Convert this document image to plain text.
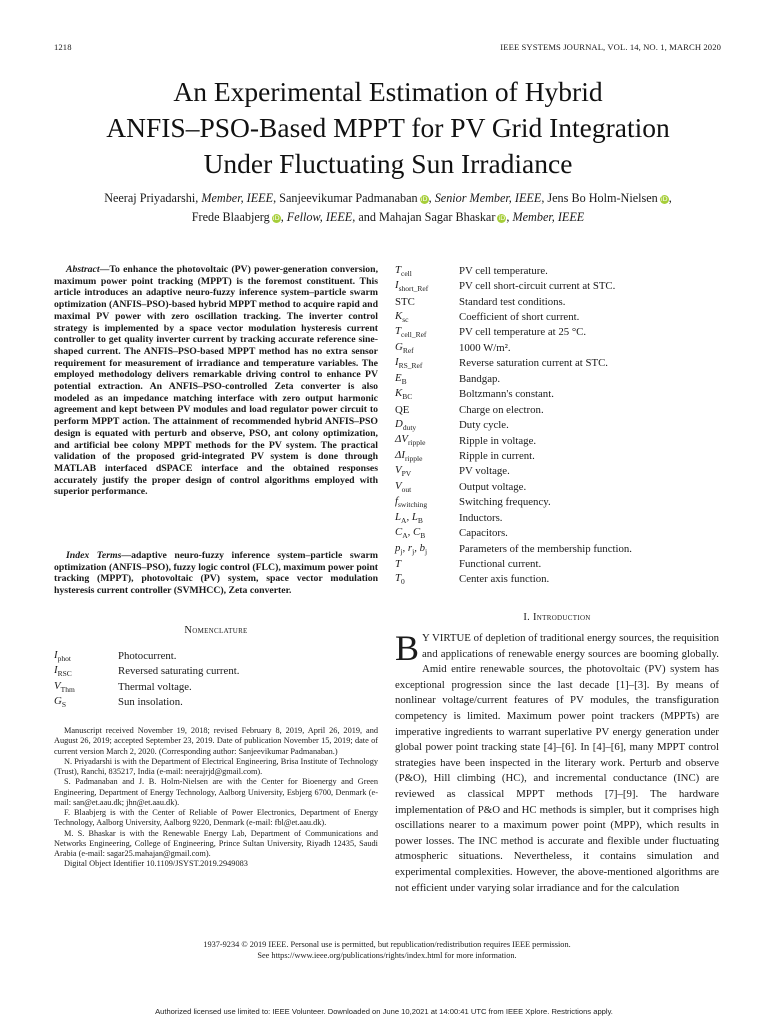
1218	IEEE SYSTEMS JOURNAL, VOL. 14, NO. 1, MARCH 2020
An Experimental Estimation of Hybrid
ANFIS–PSO-Based MPPT for PV Grid Integration
Under Fluctuating Sun Irradiance
Neeraj Priyadarshi, Member, IEEE, Sanjeevikumar Padmanaban iD, Senior Member, IEEE, Jens Bo Holm-Nielsen iD,
Frede Blaabjerg iD, Fellow, IEEE, and Mahajan Sagar Bhaskar iD, Member, IEEE
Abstract—To enhance the photovoltaic (PV) power-generation conversion, maximum power point tracking (MPPT) is the foremost constituent. This article introduces an adaptive neuro-fuzzy inference system–particle swarm optimization (ANFIS–PSO)-based hybrid MPPT method to acquire rapid and maximal PV power with zero oscillation tracking. The inverter control strategy is implemented by a space vector modulation hysteresis current controller to get quality inverter current by tracking accurate reference sine-shaped current. The ANFIS–PSO-based MPPT method has no extra sensor requirement for measurement of irradiance and temperature variables. The employed methodology delivers remarkable driving control to enhance PV potential extraction. An ANFIS–PSO-controlled Zeta converter is also modeled as an impedance matching interface with zero output harmonic agreement and kept between PV modules and load regulator power circuit to perform MPPT action. The attainment of recommended hybrid ANFIS–PSO design is equated with perturb and observe, PSO, ant colony optimization, and artificial bee colony MPPT methods for the PV system. The practical validation of the proposed grid-integrated PV system is done through MATLAB interfaced dSPACE interface and the obtained responses accurately justify the proper design of control algorithms employed with superior performance.
Index Terms—adaptive neuro-fuzzy inference system–particle swarm optimization (ANFIS–PSO), fuzzy logic control (FLC), maximum power point tracking (MPPT), photovoltaic (PV) system, space vector modulation hysteresis current controller (SVMHCC), Zeta converter.
Nomenclature
$I_{phot}$	Photocurrent.
$I_{RSC}$	Reversed saturating current.
$V_{Thm}$	Thermal voltage.
$G_S$	Sun insolation.

Manuscript received November 19, 2018; revised February 8, 2019, April 26, 2019, and August 26, 2019; accepted September 23, 2019. Date of publication November 15, 2019; date of current version March 2, 2020. (Corresponding author: Sanjeevikumar Padmanaban.)

N. Priyadarshi is with the Department of Electrical Engineering, Brisa Institute of Technology (Trust), Ranchi, 835217, India (e-mail: neerajrjd@gmail.com).

S. Padmanaban and J. B. Holm-Nielsen are with the Center for Bioenergy and Green Engineering, Department of Energy Technology, Aalborg University, Esbjerg 6700, Denmark (e-mail: san@et.aau.dk; jhn@et.aau.dk).

F. Blaabjerg is with the Center of Reliable of Power Electronics, Department of Energy Technology, Aalborg University, Aalborg 9220, Denmark (e-mail: fbl@et.aau.dk).

M. S. Bhaskar is with the Renewable Energy Lab, Department of Communications and Networks Engineering, College of Engineering, Prince Sultan University, Riyadh 12435, Saudi Arabia (e-mail: sagar25.mahajan@gmail.com).

Digital Object Identifier 10.1109/JSYST.2019.2949083

$T_{cell}$	PV cell temperature.
$I_{short\_Ref}$	PV cell short-circuit current at STC.
STC	Standard test conditions.
$K_{sc}$	Coefficient of short current.
$T_{cell\_Ref}$	PV cell temperature at 25 °C.
$G_{Ref}$	1000 W/m².
$I_{RS\_Ref}$	Reverse saturation current at STC.
$E_B$	Bandgap.
$K_{BC}$	Boltzmann's constant.
QE	Charge on electron.
$D_{duty}$	Duty cycle.
$\Delta V_{ripple}$	Ripple in voltage.
$\Delta I_{ripple}$	Ripple in current.
$V_{PV}$	PV voltage.
$V_{out}$	Output voltage.
$f_{switching}$	Switching frequency.
$L_A$, $L_B$	Inductors.
$C_A$, $C_B$	Capacitors.
$p_j$, $r_j$, $b_j$	Parameters of the membership function.
T	Functional current.
$T_0$	Center axis function.
I. Introduction
B Y VIRTUE of depletion of traditional energy sources, the requisition and applications of renewable energy sources are booming globally. Amid entire renewable sources, the photovoltaic (PV) system has exceptional progression since the last decade [1]–[3]. By means of nonlinear voltage/current features of PV modules, the transfiguration competency is limited. Maximum power point trackers (MPPTs) are imperative ingredients to warrant superlative PV energy generation under global power point tracking state [4]–[6]. In [4]–[6], many MPPT control strategies have been inspected in the literary work. Perturb and observe (P&O), Hill climbing (HC), and incremental conductance (INC) are reviewed as classical MPPT methods [7]–[9]. The hardware implementation of P&O and HC methods is simpler, but it comprises high oscillations nearer to a maximum power point (MPP), which results in power losses. The INC method is accurate and flexible under fluctuating atmospheric situations. Nevertheless, it contains simulation and experimental complexities. However, the above-mentioned algorithms are not efficient under varying solar irradiance and for the calculation
1937-9234 © 2019 IEEE. Personal use is permitted, but republication/redistribution requires IEEE permission.
See https://www.ieee.org/publications/rights/index.html for more information.
Authorized licensed use limited to: IEEE Volunteer. Downloaded on June 10,2021 at 14:00:41 UTC from IEEE Xplore. Restrictions apply.
